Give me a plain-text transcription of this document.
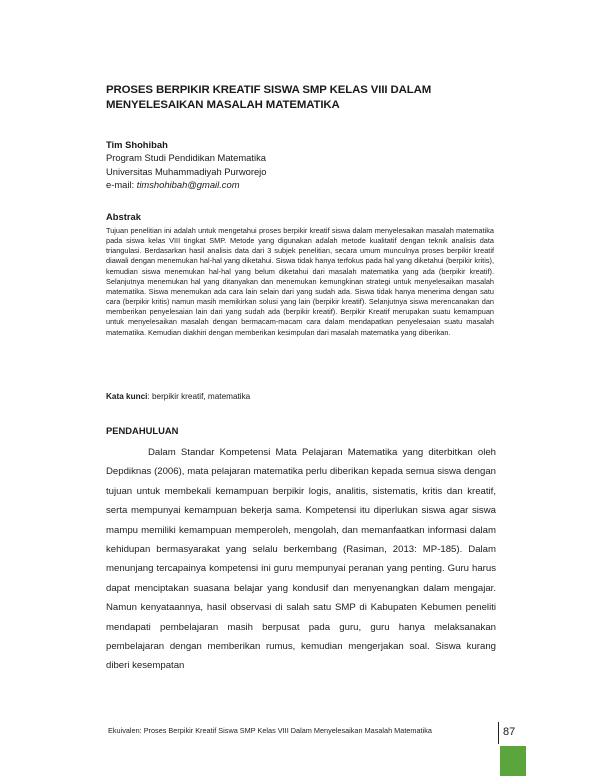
PROSES BERPIKIR KREATIF SISWA SMP KELAS VIII DALAM
MENYELESAIKAN MASALAH MATEMATIKA
Tim Shohibah
Program Studi Pendidikan Matematika
Universitas Muhammadiyah Purworejo
e-mail: timshohibah@gmail.com
Abstrak
Tujuan penelitian ini adalah untuk mengetahui proses berpikir kreatif siswa dalam menyelesaikan masalah matematika pada siswa kelas VIII tingkat SMP. Metode yang digunakan adalah metode kualitatif dengan teknik analisis data triangulasi. Berdasarkan hasil analisis data dari 3 subjek penelitian, secara umum munculnya proses berpikir kreatif diawali dengan menemukan hal-hal yang diketahui. Siswa tidak hanya terfokus pada hal yang diketahui (berpikir kritis), kemudian siswa menemukan hal-hal yang belum diketahui dari masalah matematika yang ada (berpikir kreatif). Selanjutnya menemukan hal yang ditanyakan dan menemukan kemungkinan strategi untuk menyelesaikan masalah matematika. Siswa menemukan ada cara lain selain dari yang sudah ada. Siswa tidak hanya menerima dengan satu cara (berpikir kritis) namun masih memikirkan solusi yang lain (berpikir kreatif). Selanjutnya siswa merencanakan dan memberikan penyelesaian lain dari yang sudah ada (berpikir kreatif). Berpikir Kreatif merupakan suatu kemampuan untuk menyelesaikan masalah dengan bermacam-macam cara dalam mendapatkan penyelesaian suatu masalah matematika. Kemudian diakhiri dengan memberikan kesimpulan dari masalah matematika yang diberikan.
Kata kunci: berpikir kreatif, matematika
PENDAHULUAN
Dalam Standar Kompetensi Mata Pelajaran Matematika yang diterbitkan oleh Depdiknas (2006), mata pelajaran matematika perlu diberikan kepada semua siswa dengan tujuan untuk membekali kemampuan berpikir logis, analitis, sistematis, kritis dan kreatif, serta mempunyai kemampuan bekerja sama. Kompetensi itu diperlukan siswa agar siswa mampu memiliki kemampuan memperoleh, mengolah, dan memanfaatkan informasi dalam kehidupan bermasyarakat yang selalu berkembang (Rasiman, 2013: MP-185). Dalam menunjang tercapainya kompetensi ini guru mempunyai peranan yang penting. Guru harus dapat menciptakan suasana belajar yang kondusif dan menyenangkan dalam mengajar. Namun kenyataannya, hasil observasi di salah satu SMP di Kabupaten Kebumen peneliti mendapati pembelajaran masih berpusat pada guru, guru hanya melaksanakan pembelajaran dengan memberikan rumus, kemudian mengerjakan soal. Siswa kurang diberi kesempatan
Ekuivalen: Proses Berpikir Kreatif Siswa SMP Kelas VIII Dalam Menyelesaikan Masalah Matematika	87
